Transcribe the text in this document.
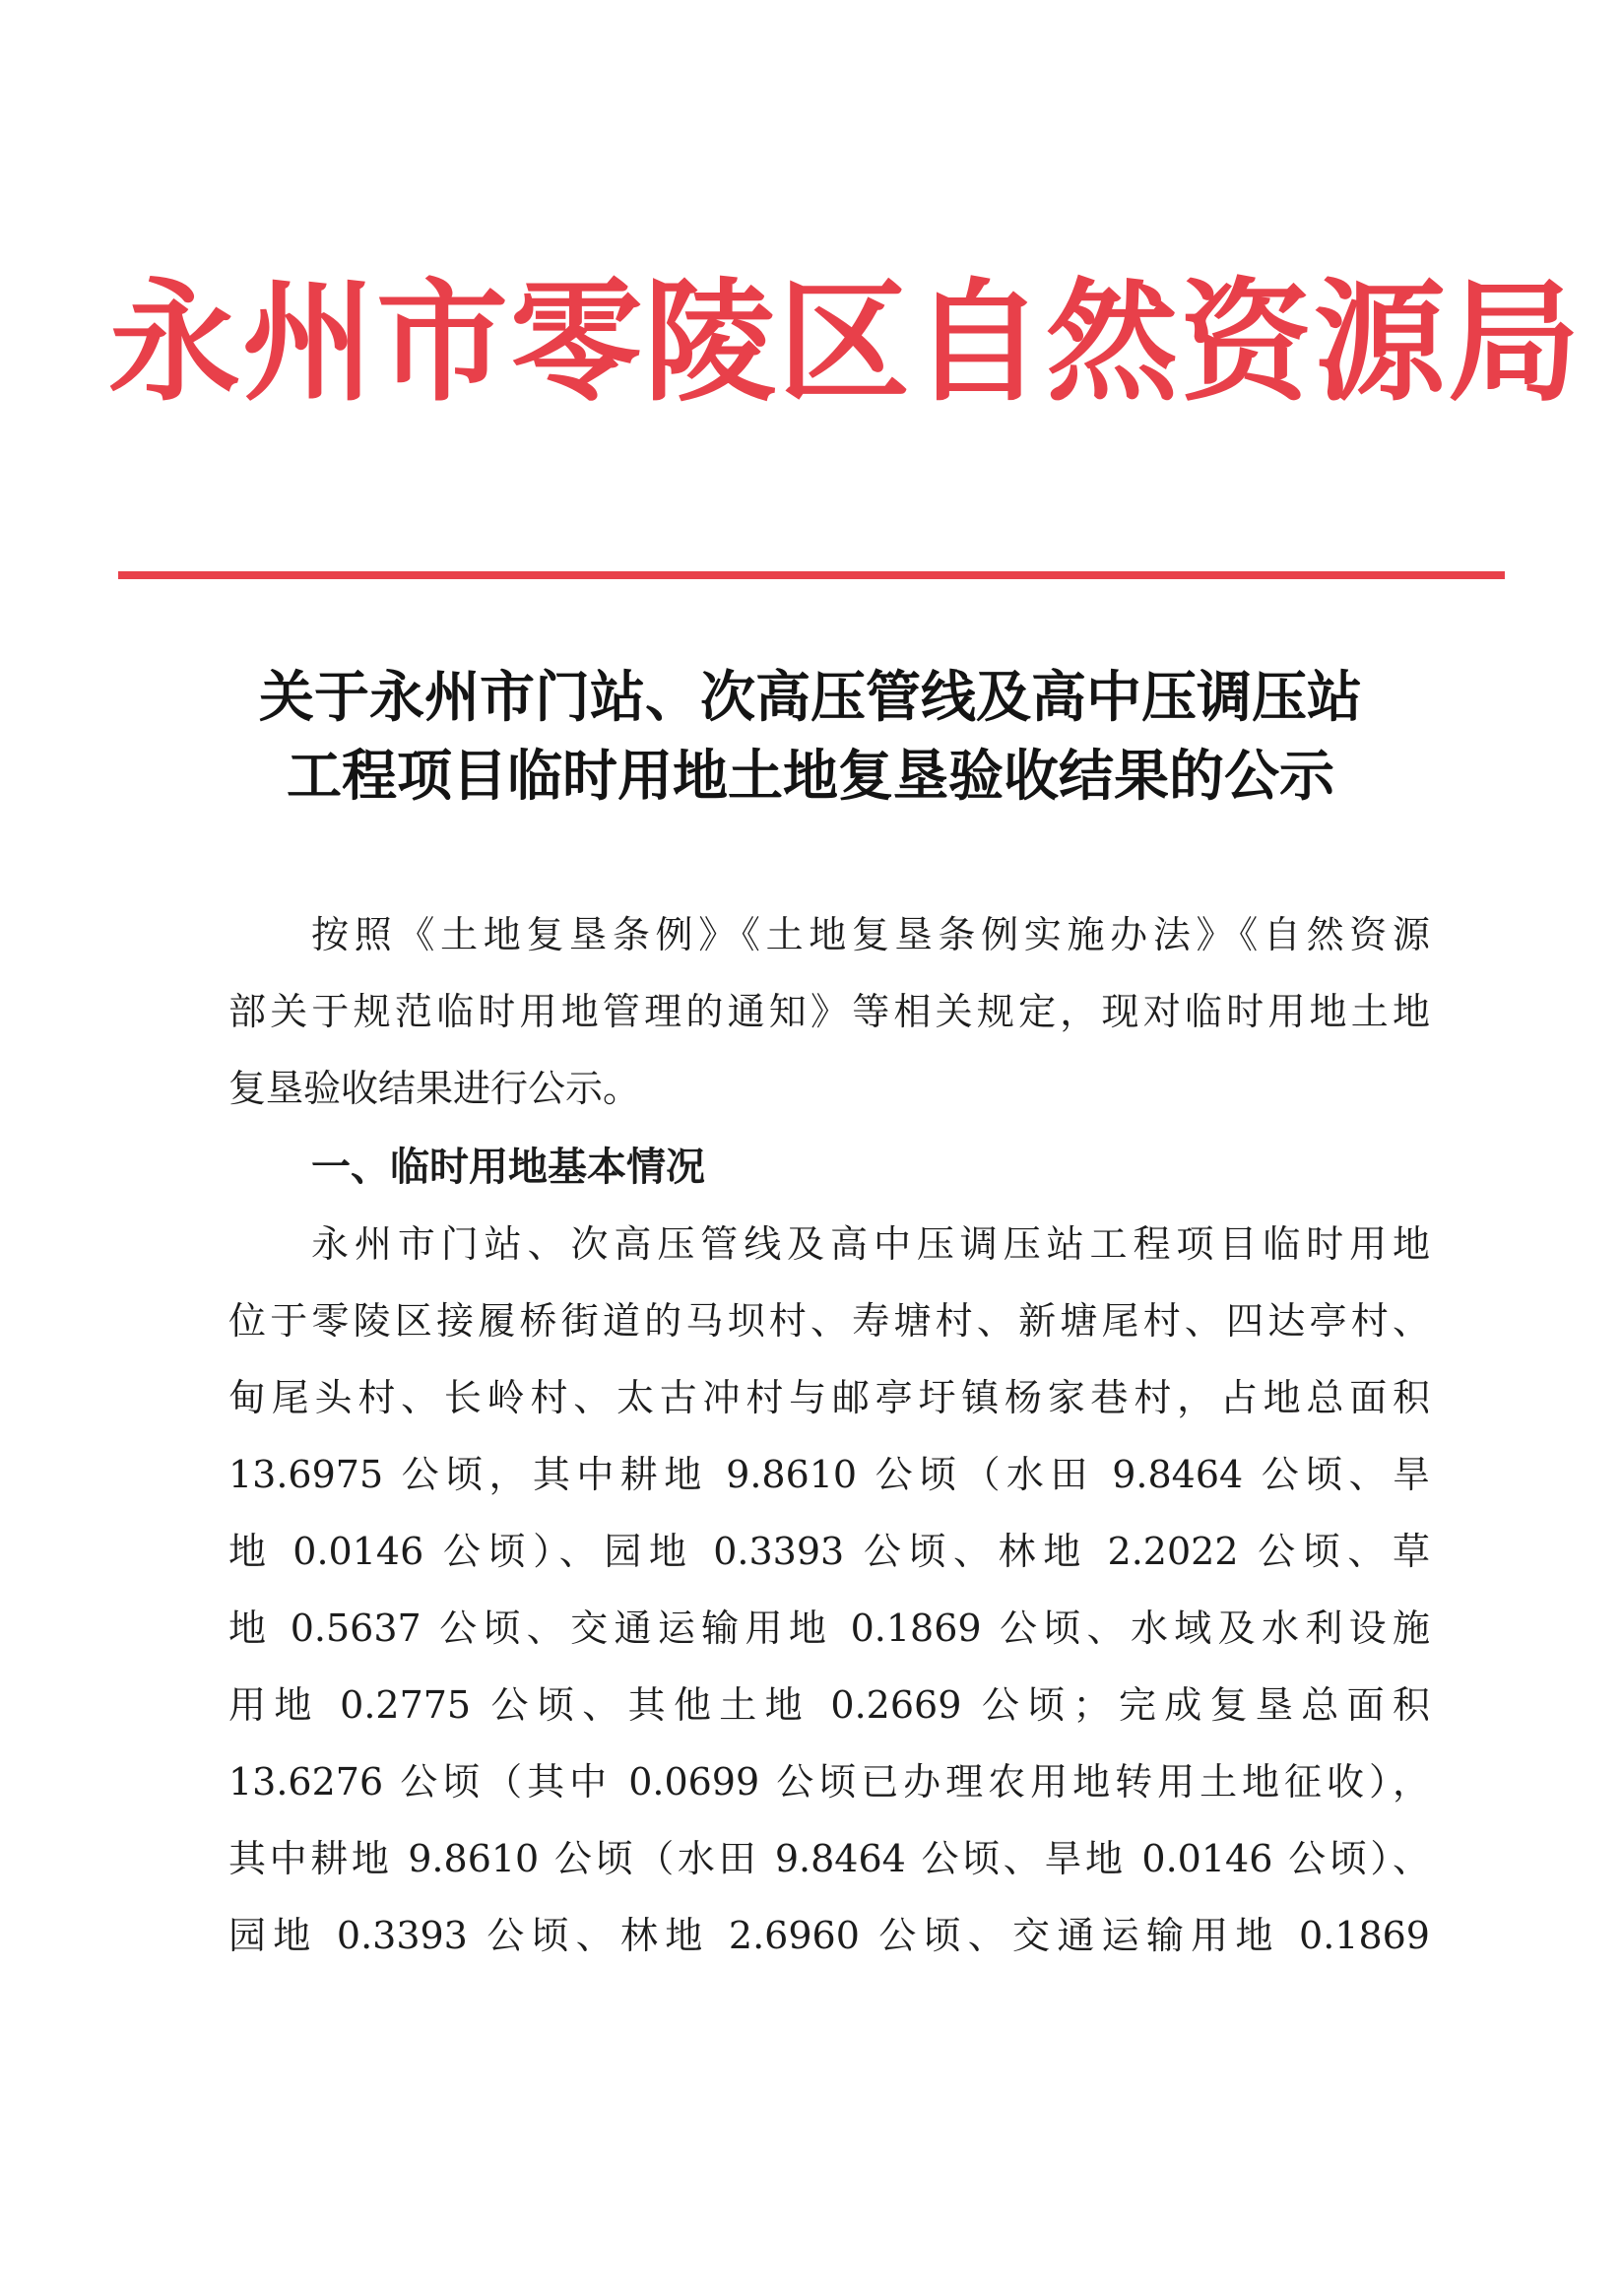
永州市零陵区自然资源局
关于永州市门站、次高压管线及高中压调压站
工程项目临时用地土地复垦验收结果的公示
按照《土地复垦条例》《土地复垦条例实施办法》《自然资源
部关于规范临时用地管理的通知》等相关规定，现对临时用地土地
复垦验收结果进行公示。
一、临时用地基本情况
永州市门站、次高压管线及高中压调压站工程项目临时用地
位于零陵区接履桥街道的马坝村、寿塘村、新塘尾村、四达亭村、
甸尾头村、长岭村、太古冲村与邮亭圩镇杨家巷村，占地总面积
13.6975 公顷，其中耕地 9.8610 公顷（水田 9.8464 公顷、旱
地 0.0146 公顷）、园地 0.3393 公顷、林地 2.2022 公顷、草
地 0.5637 公顷、交通运输用地 0.1869 公顷、水域及水利设施
用地 0.2775 公顷、其他土地 0.2669 公顷；完成复垦总面积
13.6276 公顷（其中 0.0699 公顷已办理农用地转用土地征收），
其中耕地 9.8610 公顷（水田 9.8464 公顷、旱地 0.0146 公顷）、
园地 0.3393 公顷、林地 2.6960 公顷、交通运输用地 0.1869
